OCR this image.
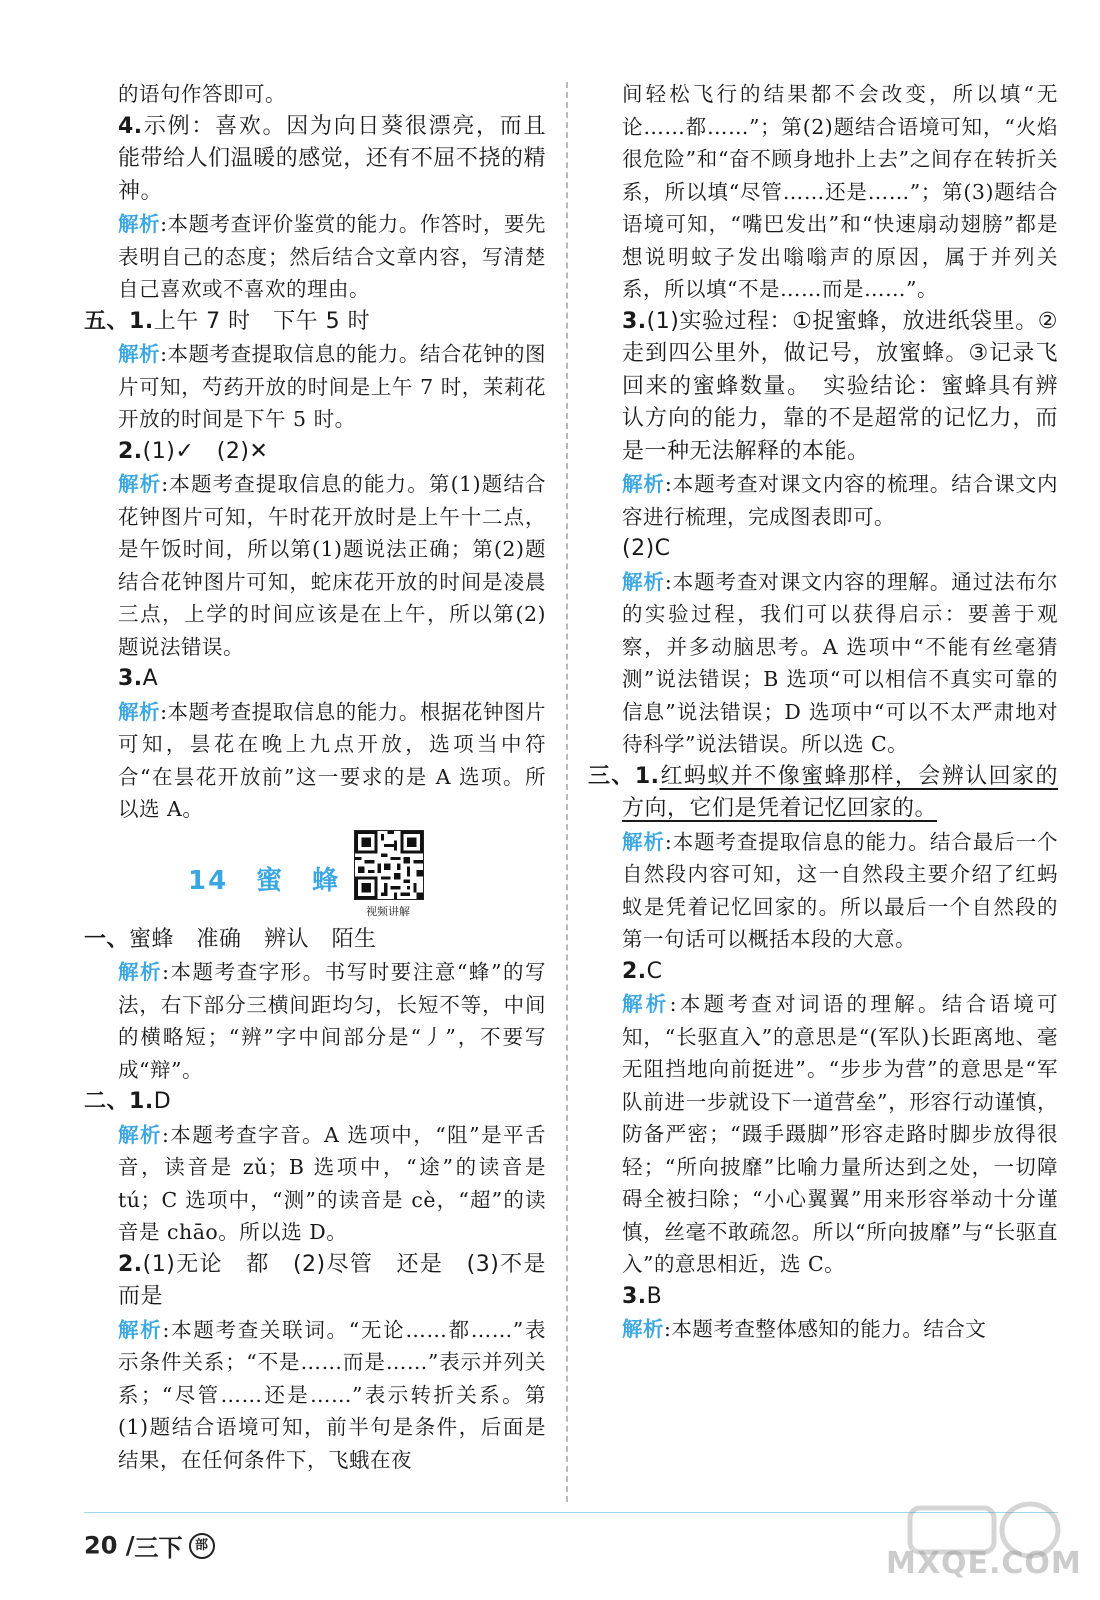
的语句作答即可。

4.示例：喜欢。因为向日葵很漂亮，而且能带给人们温暖的感觉，还有不屈不挠的精神。

解析:本题考查评价鉴赏的能力。作答时，要先表明自己的态度；然后结合文章内容，写清楚自己喜欢或不喜欢的理由。

五、1.上午 7 时　下午 5 时

解析:本题考查提取信息的能力。结合花钟的图片可知，芍药开放的时间是上午 7 时，茉莉花开放的时间是下午 5 时。

2.(1)✓　(2)✕

解析:本题考查提取信息的能力。第(1)题结合花钟图片可知，午时花开放时是上午十二点，是午饭时间，所以第(1)题说法正确；第(2)题结合花钟图片可知，蛇床花开放的时间是凌晨三点，上学的时间应该是在上午，所以第(2)题说法错误。

3.A

解析:本题考查提取信息的能力。根据花钟图片可知，昙花在晚上九点开放，选项当中符合“在昙花开放前”这一要求的是 A 选项。所以选 A。

14　蜜　蜂
视频讲解

一、蜜蜂　准确　辨认　陌生

解析:本题考查字形。书写时要注意“蜂”的写法，右下部分三横间距均匀，长短不等，中间的横略短；“辨”字中间部分是“丿”，不要写成“辩”。

二、1.D

解析:本题考查字音。A 选项中，“阻”是平舌音，读音是 zǔ；B 选项中，“途”的读音是 tú；C 选项中，“测”的读音是 cè，“超”的读音是 chāo。所以选 D。

2.(1)无论　都　(2)尽管　还是　(3)不是　而是

解析:本题考查关联词。“无论……都……”表示条件关系；“不是……而是……”表示并列关系；“尽管……还是……”表示转折关系。第(1)题结合语境可知，前半句是条件，后面是结果，在任何条件下，飞蛾在夜

间轻松飞行的结果都不会改变，所以填“无论……都……”；第(2)题结合语境可知，“火焰很危险”和“奋不顾身地扑上去”之间存在转折关系，所以填“尽管……还是……”；第(3)题结合语境可知，“嘴巴发出”和“快速扇动翅膀”都是想说明蚊子发出嗡嗡声的原因，属于并列关系，所以填“不是……而是……”。

3.(1)实验过程：①捉蜜蜂，放进纸袋里。②走到四公里外，做记号，放蜜蜂。③记录飞回来的蜜蜂数量。　实验结论：蜜蜂具有辨认方向的能力，靠的不是超常的记忆力，而是一种无法解释的本能。

解析:本题考查对课文内容的梳理。结合课文内容进行梳理，完成图表即可。

(2)C

解析:本题考查对课文内容的理解。通过法布尔的实验过程，我们可以获得启示：要善于观察，并多动脑思考。A 选项中“不能有丝毫猜测”说法错误；B 选项“可以相信不真实可靠的信息”说法错误；D 选项中“可以不太严肃地对待科学”说法错误。所以选 C。

三、1.红蚂蚁并不像蜜蜂那样，会辨认回家的方向，它们是凭着记忆回家的。

解析:本题考查提取信息的能力。结合最后一个自然段内容可知，这一自然段主要介绍了红蚂蚁是凭着记忆回家的。所以最后一个自然段的第一句话可以概括本段的大意。

2.C

解析:本题考查对词语的理解。结合语境可知，“长驱直入”的意思是“(军队)长距离地、毫无阻挡地向前挺进”。“步步为营”的意思是“军队前进一步就设下一道营垒”，形容行动谨慎，防备严密；“蹑手蹑脚”形容走路时脚步放得很轻；“所向披靡”比喻力量所达到之处，一切障碍全被扫除；“小心翼翼”用来形容举动十分谨慎，丝毫不敢疏忽。所以“所向披靡”与“长驱直入”的意思相近，选 C。

3.B

解析:本题考查整体感知的能力。结合文

20 /三下 部
MXQE.COM
